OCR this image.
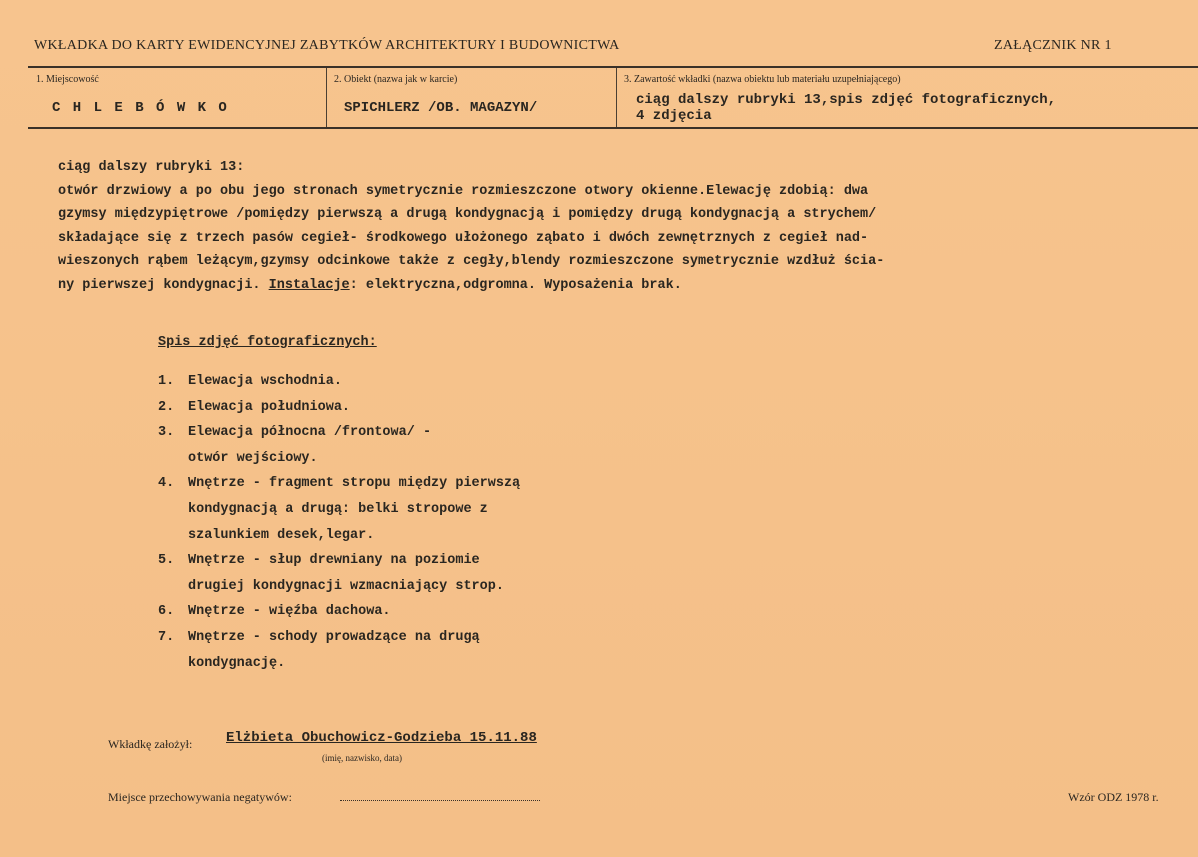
WKŁADKA DO KARTY EWIDENCYJNEJ ZABYTKÓW ARCHITEKTURY I BUDOWNICTWA	ZAŁĄCZNIK NR 1
1. Miejscowość
C H L E B Ó W K O
2. Obiekt (nazwa jak w karcie)
SPICHLERZ /OB. MAGAZYN/
3. Zawartość wkładki (nazwa obiektu lub materiału uzupełniającego)
ciąg dalszy rubryki 13,spis zdjęć fotograficznych,
4 zdjęcia
ciąg dalszy rubryki 13:
otwór drzwiowy a po obu jego stronach symetrycznie rozmieszczone otwory okienne.Elewację zdobią: dwa
gzymsy międzypiętrowe /pomiędzy pierwszą a drugą kondygnacją i pomiędzy drugą kondygnacją a strychem/
składające się z trzech pasów cegieł- środkowego ułożonego ząbato i dwóch zewnętrznych z cegieł nad-
wieszonych rąbem leżącym,gzymsy odcinkowe także z cegły,blendy rozmieszczone symetrycznie wzdłuż ścia-
ny pierwszej kondygnacji. Instalacje: elektryczna,odgromna. Wyposażenia brak.
Spis zdjęć fotograficznych:
1.	Elewacja wschodnia.
2.	Elewacja południowa.
3.	Elewacja północna /frontowa/ -
otwór wejściowy.
4.	Wnętrze - fragment stropu między pierwszą
kondygnacją a drugą: belki stropowe z
szalunkiem desek,legar.
5.	Wnętrze - słup drewniany na poziomie
drugiej kondygnacji wzmacniający strop.
6.	Wnętrze - więźba dachowa.
7.	Wnętrze - schody prowadzące na drugą
kondygnację.
Wkładkę założył: Elżbieta Obuchowicz-Godzieba 15.11.88
(imię, nazwisko, data)
Miejsce przechowywania negatywów:	Wzór ODZ 1978 r.
